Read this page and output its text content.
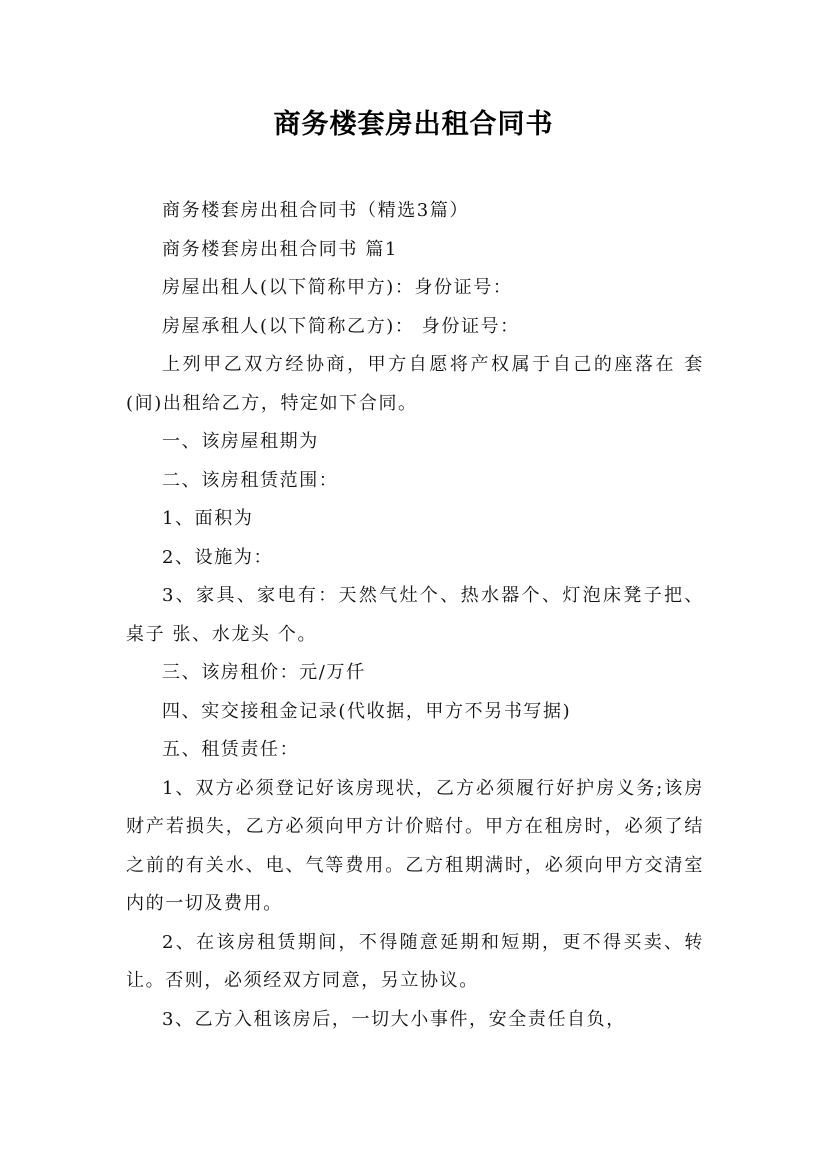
商务楼套房出租合同书

商务楼套房出租合同书（精选3篇）

商务楼套房出租合同书 篇1

房屋出租人(以下简称甲方)：身份证号：

房屋承租人(以下简称乙方)： 身份证号：

上列甲乙双方经协商，甲方自愿将产权属于自己的座落在 套(间)出租给乙方，特定如下合同。

一、该房屋租期为

二、该房租赁范围：

1、面积为

2、设施为：

3、家具、家电有：天然气灶个、热水器个、灯泡床凳子把、桌子 张、水龙头 个。

三、该房租价：元/万仟

四、实交接租金记录(代收据，甲方不另书写据)

五、租赁责任：

1、双方必须登记好该房现状，乙方必须履行好护房义务;该房财产若损失，乙方必须向甲方计价赔付。甲方在租房时，必须了结之前的有关水、电、气等费用。乙方租期满时，必须向甲方交清室内的一切及费用。

2、在该房租赁期间，不得随意延期和短期，更不得买卖、转让。否则，必须经双方同意，另立协议。

3、乙方入租该房后，一切大小事件，安全责任自负，
